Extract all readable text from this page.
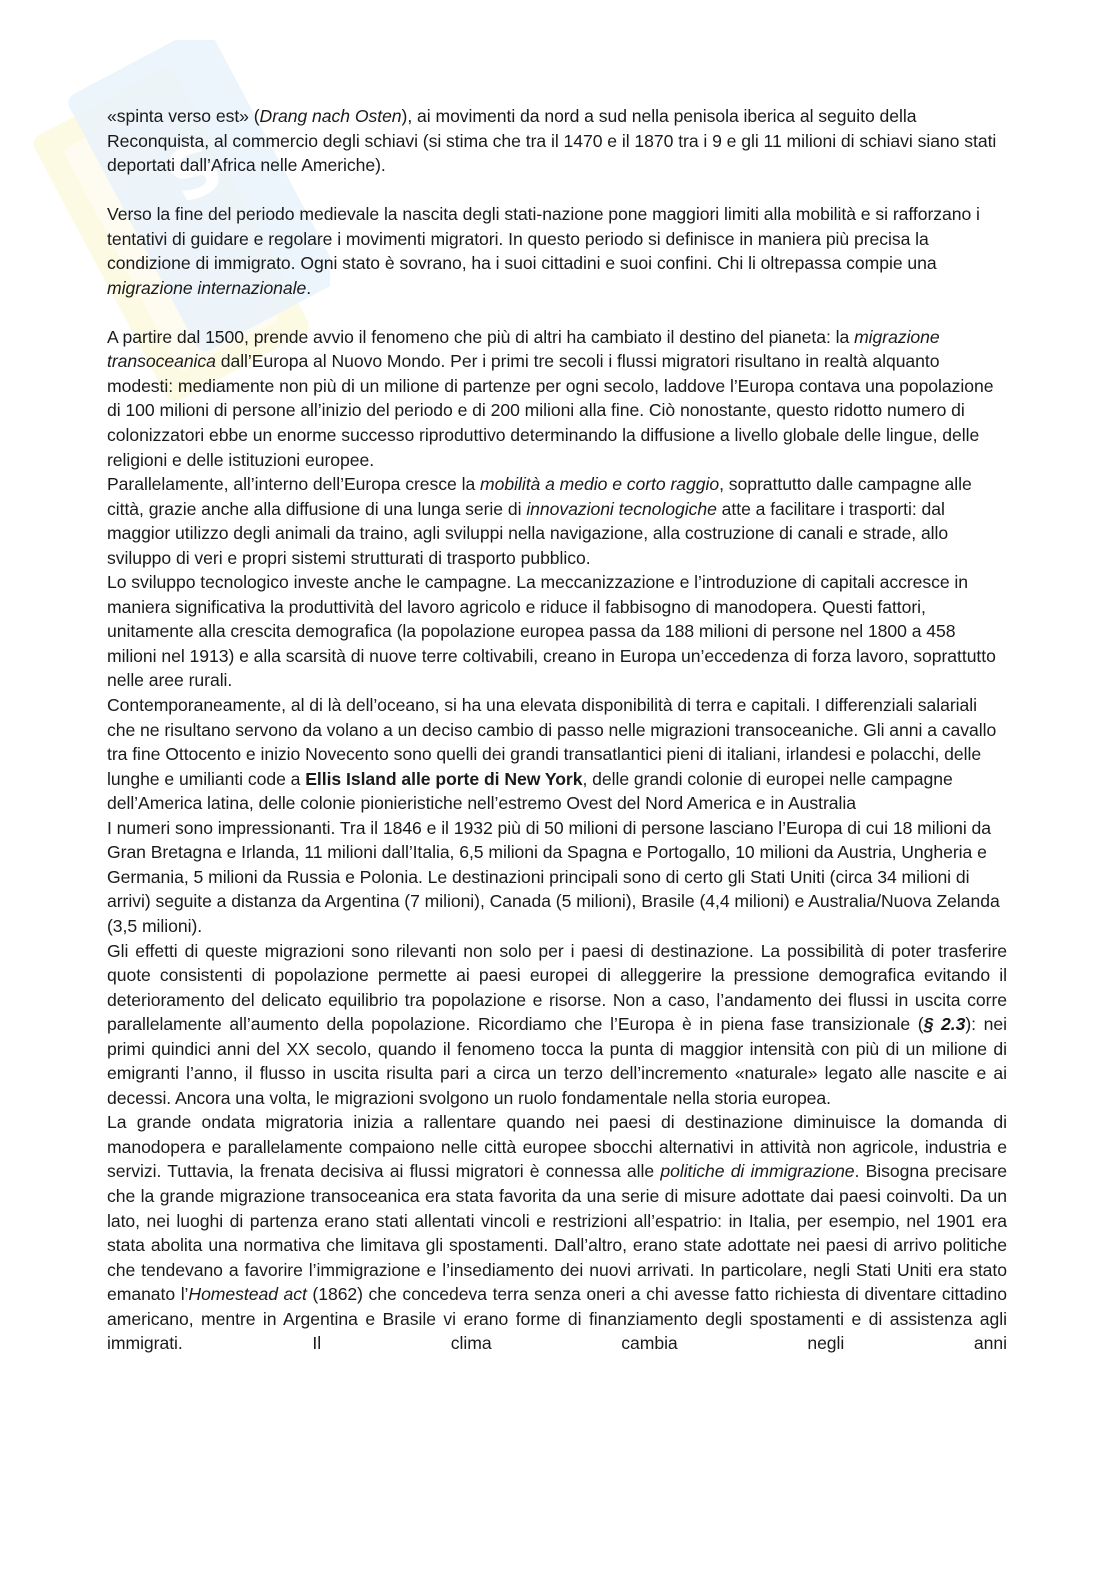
S

«spinta verso est» (Drang nach Osten), ai movimenti da nord a sud nella penisola iberica al seguito della Reconquista, al commercio degli schiavi (si stima che tra il 1470 e il 1870 tra i 9 e gli 11 milioni di schiavi siano stati deportati dall’Africa nelle Americhe).

Verso la fine del periodo medievale la nascita degli stati-nazione pone maggiori limiti alla mobilità e si rafforzano i tentativi di guidare e regolare i movimenti migratori. In questo periodo si definisce in maniera più precisa la condizione di immigrato. Ogni stato è sovrano, ha i suoi cittadini e suoi confini. Chi li oltrepassa compie una migrazione internazionale.

A partire dal 1500, prende avvio il fenomeno che più di altri ha cambiato il destino del pianeta: la migrazione transoceanica dall’Europa al Nuovo Mondo. Per i primi tre secoli i flussi migratori risultano in realtà alquanto modesti: mediamente non più di un milione di partenze per ogni secolo, laddove l’Europa contava una popolazione di 100 milioni di persone all’inizio del periodo e di 200 milioni alla fine. Ciò nonostante, questo ridotto numero di colonizzatori ebbe un enorme successo riproduttivo determinando la diffusione a livello globale delle lingue, delle religioni e delle istituzioni europee.

Parallelamente, all’interno dell’Europa cresce la mobilità a medio e corto raggio, soprattutto dalle campagne alle città, grazie anche alla diffusione di una lunga serie di innovazioni tecnologiche atte a facilitare i trasporti: dal maggior utilizzo degli animali da traino, agli sviluppi nella navigazione, alla costruzione di canali e strade, allo sviluppo di veri e propri sistemi strutturati di trasporto pubblico.

Lo sviluppo tecnologico investe anche le campagne. La meccanizzazione e l’introduzione di capitali accresce in maniera significativa la produttività del lavoro agricolo e riduce il fabbisogno di manodopera. Questi fattori, unitamente alla crescita demografica (la popolazione europea passa da 188 milioni di persone nel 1800 a 458 milioni nel 1913) e alla scarsità di nuove terre coltivabili, creano in Europa un’eccedenza di forza lavoro, soprattutto nelle aree rurali.

Contemporaneamente, al di là dell’oceano, si ha una elevata disponibilità di terra e capitali. I differenziali salariali che ne risultano servono da volano a un deciso cambio di passo nelle migrazioni transoceaniche. Gli anni a cavallo tra fine Ottocento e inizio Novecento sono quelli dei grandi transatlantici pieni di italiani, irlandesi e polacchi, delle lunghe e umilianti code a Ellis Island alle porte di New York, delle grandi colonie di europei nelle campagne dell’America latina, delle colonie pionieristiche nell’estremo Ovest del Nord America e in Australia

I numeri sono impressionanti. Tra il 1846 e il 1932 più di 50 milioni di persone lasciano l’Europa di cui 18 milioni da Gran Bretagna e Irlanda, 11 milioni dall’Italia, 6,5 milioni da Spagna e Portogallo, 10 milioni da Austria, Ungheria e Germania, 5 milioni da Russia e Polonia. Le destinazioni principali sono di certo gli Stati Uniti (circa 34 milioni di arrivi) seguite a distanza da Argentina (7 milioni), Canada (5 milioni), Brasile (4,4 milioni) e Australia/Nuova Zelanda (3,5 milioni).

Gli effetti di queste migrazioni sono rilevanti non solo per i paesi di destinazione. La possibilità di poter trasferire quote consistenti di popolazione permette ai paesi europei di alleggerire la pressione demografica evitando il deterioramento del delicato equilibrio tra popolazione e risorse. Non a caso, l’andamento dei flussi in uscita corre parallelamente all’aumento della popolazione. Ricordiamo che l’Europa è in piena fase transizionale (§ 2.3): nei primi quindici anni del XX secolo, quando il fenomeno tocca la punta di maggior intensità con più di un milione di emigranti l’anno, il flusso in uscita risulta pari a circa un terzo dell’incremento «naturale» legato alle nascite e ai decessi. Ancora una volta, le migrazioni svolgono un ruolo fondamentale nella storia europea.

La grande ondata migratoria inizia a rallentare quando nei paesi di destinazione diminuisce la domanda di manodopera e parallelamente compaiono nelle città europee sbocchi alternativi in attività non agricole, industria e servizi. Tuttavia, la frenata decisiva ai flussi migratori è connessa alle politiche di immigrazione. Bisogna precisare che la grande migrazione transoceanica era stata favorita da una serie di misure adottate dai paesi coinvolti. Da un lato, nei luoghi di partenza erano stati allentati vincoli e restrizioni all’espatrio: in Italia, per esempio, nel 1901 era stata abolita una normativa che limitava gli spostamenti. Dall’altro, erano state adottate nei paesi di arrivo politiche che tendevano a favorire l’immigrazione e l’insediamento dei nuovi arrivati. In particolare, negli Stati Uniti era stato emanato l’Homestead act (1862) che concedeva terra senza oneri a chi avesse fatto richiesta di diventare cittadino americano, mentre in Argentina e Brasile vi erano forme di finanziamento degli spostamenti e di assistenza agli immigrati. Il clima cambia negli anni
